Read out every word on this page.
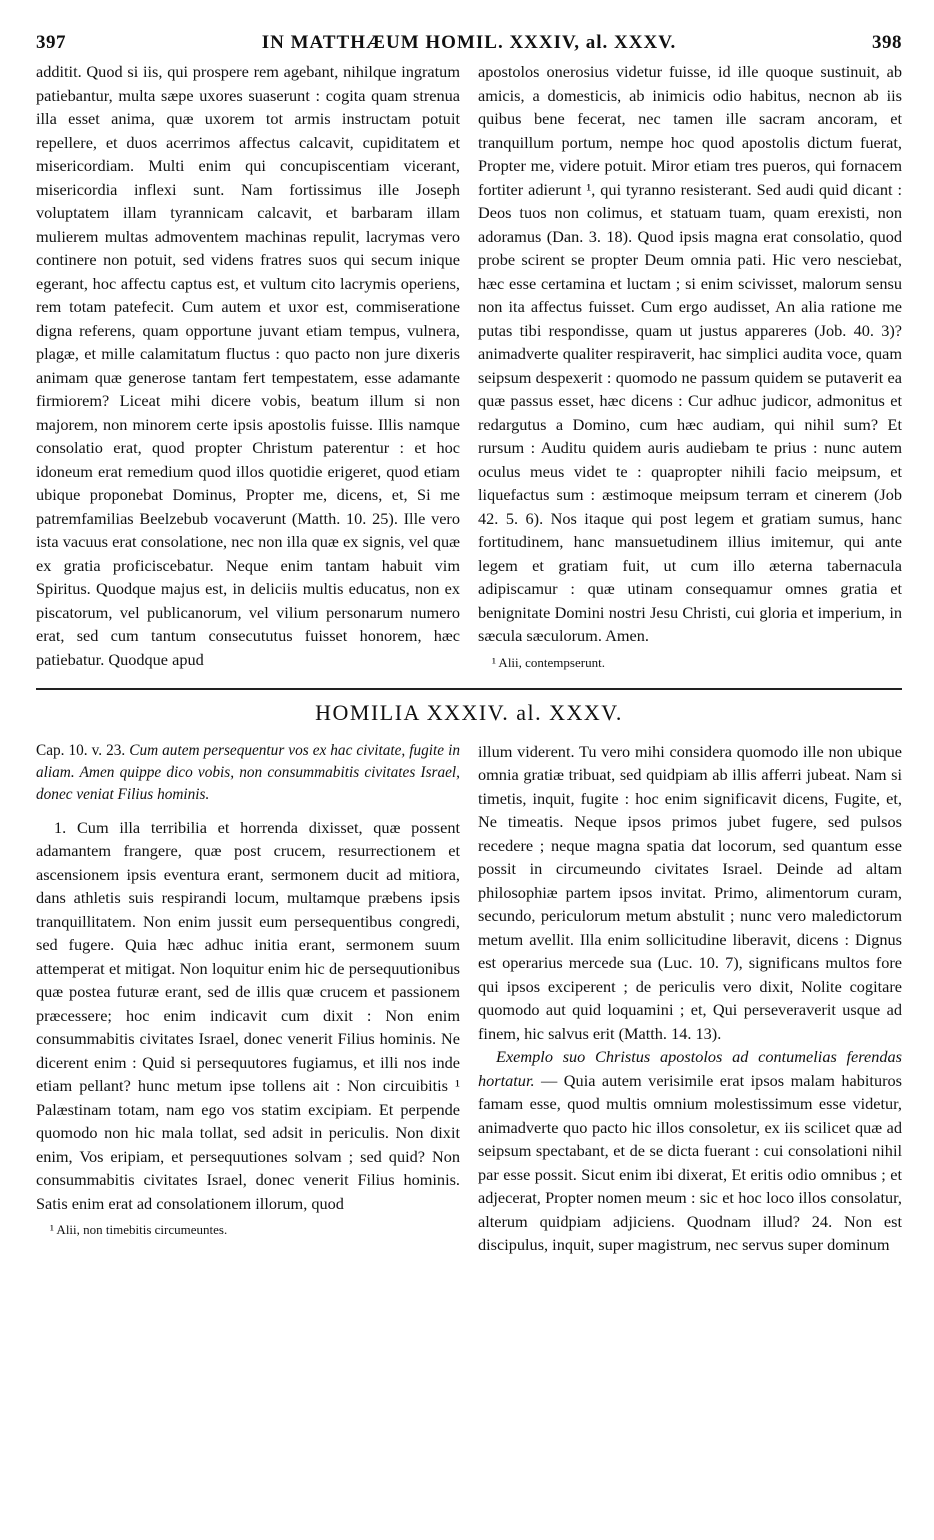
397	IN MATTHÆUM HOMIL. XXXIV, al. XXXV.	398

additit. Quod si iis, qui prospere rem agebant, nihilque ingratum patiebantur, multa sæpe uxores suaserunt : cogita quam strenua illa esset anima, quæ uxorem tot armis instructam potuit repellere, et duos acerrimos affectus calcavit, cupiditatem et misericordiam. Multi enim qui concupiscentiam vicerant, misericordia inflexi sunt. Nam fortissimus ille Joseph voluptatem illam tyrannicam calcavit, et barbaram illam mulierem multas admoventem machinas repulit, lacrymas vero continere non potuit, sed videns fratres suos qui secum inique egerant, hoc affectu captus est, et vultum cito lacrymis operiens, rem totam patefecit. Cum autem et uxor est, commiseratione digna referens, quam opportune juvant etiam tempus, vulnera, plagæ, et mille calamitatum fluctus : quo pacto non jure dixeris animam quæ generose tantam fert tempestatem, esse adamante firmiorem? Liceat mihi dicere vobis, beatum illum si non majorem, non minorem certe ipsis apostolis fuisse. Illis namque consolatio erat, quod propter Christum paterentur : et hoc idoneum erat remedium quod illos quotidie erigeret, quod etiam ubique proponebat Dominus, Propter me, dicens, et, Si me patremfamilias Beelzebub vocaverunt (Matth. 10. 25). Ille vero ista vacuus erat consolatione, nec non illa quæ ex signis, vel quæ ex gratia proficiscebatur. Neque enim tantam habuit vim Spiritus. Quodque majus est, in deliciis multis educatus, non ex piscatorum, vel publicanorum, vel vilium personarum numero erat, sed cum tantum consecututus fuisset honorem, hæc patiebatur. Quodque apud

apostolos onerosius videtur fuisse, id ille quoque sustinuit, ab amicis, a domesticis, ab inimicis odio habitus, necnon ab iis quibus bene fecerat, nec tamen ille sacram ancoram, et tranquillum portum, nempe hoc quod apostolis dictum fuerat, Propter me, videre potuit. Miror etiam tres pueros, qui fornacem fortiter adierunt ¹, qui tyranno resisterant. Sed audi quid dicant : Deos tuos non colimus, et statuam tuam, quam erexisti, non adoramus (Dan. 3. 18). Quod ipsis magna erat consolatio, quod probe scirent se propter Deum omnia pati. Hic vero nesciebat, hæc esse certamina et luctam ; si enim scivisset, malorum sensu non ita affectus fuisset. Cum ergo audisset, An alia ratione me putas tibi respondisse, quam ut justus appareres (Job. 40. 3)? animadverte qualiter respiraverit, hac simplici audita voce, quam seipsum despexerit : quomodo ne passum quidem se putaverit ea quæ passus esset, hæc dicens : Cur adhuc judicor, admonitus et redargutus a Domino, cum hæc audiam, qui nihil sum? Et rursum : Auditu quidem auris audiebam te prius : nunc autem oculus meus videt te : quapropter nihili facio meipsum, et liquefactus sum : æstimoque meipsum terram et cinerem (Job 42. 5. 6). Nos itaque qui post legem et gratiam sumus, hanc fortitudinem, hanc mansuetudinem illius imitemur, qui ante legem et gratiam fuit, ut cum illo æterna tabernacula adipiscamur : quæ utinam consequamur omnes gratia et benignitate Domini nostri Jesu Christi, cui gloria et imperium, in sæcula sæculorum. Amen.

¹ Alii, contempserunt.
HOMILIA XXXIV. al. XXXV.

Cap. 10. v. 23. Cum autem persequentur vos ex hac civitate, fugite in aliam. Amen quippe dico vobis, non consummabitis civitates Israel, donec veniat Filius hominis.

1. Cum illa terribilia et horrenda dixisset, quæ possent adamantem frangere, quæ post crucem, resurrectionem et ascensionem ipsis eventura erant, sermonem ducit ad mitiora, dans athletis suis respirandi locum, multamque præbens ipsis tranquillitatem. Non enim jussit eum persequentibus congredi, sed fugere. Quia hæc adhuc initia erant, sermonem suum attemperat et mitigat. Non loquitur enim hic de persequutionibus quæ postea futuræ erant, sed de illis quæ crucem et passionem præcessere; hoc enim indicavit cum dixit : Non enim consummabitis civitates Israel, donec venerit Filius hominis. Ne dicerent enim : Quid si persequutores fugiamus, et illi nos inde etiam pellant? hunc metum ipse tollens ait : Non circuibitis ¹ Palæstinam totam, nam ego vos statim excipiam. Et perpende quomodo non hic mala tollat, sed adsit in periculis. Non dixit enim, Vos eripiam, et persequutiones solvam ; sed quid? Non consummabitis civitates Israel, donec venerit Filius hominis. Satis enim erat ad consolationem illorum, quod

¹ Alii, non timebitis circumeuntes.

illum viderent. Tu vero mihi considera quomodo ille non ubique omnia gratiæ tribuat, sed quidpiam ab illis afferri jubeat. Nam si timetis, inquit, fugite : hoc enim significavit dicens, Fugite, et, Ne timeatis. Neque ipsos primos jubet fugere, sed pulsos recedere ; neque magna spatia dat locorum, sed quantum esse possit in circumeundo civitates Israel. Deinde ad altam philosophiæ partem ipsos invitat. Primo, alimentorum curam, secundo, periculorum metum abstulit ; nunc vero maledictorum metum avellit. Illa enim sollicitudine liberavit, dicens : Dignus est operarius mercede sua (Luc. 10. 7), significans multos fore qui ipsos exciperent ; de periculis vero dixit, Nolite cogitare quomodo aut quid loquamini ; et, Qui perseveraverit usque ad finem, hic salvus erit (Matth. 14. 13).

Exemplo suo Christus apostolos ad contumelias ferendas hortatur. — Quia autem verisimile erat ipsos malam habituros famam esse, quod multis omnium molestissimum esse videtur, animadverte quo pacto hic illos consoletur, ex iis scilicet quæ ad seipsum spectabant, et de se dicta fuerant : cui consolationi nihil par esse possit. Sicut enim ibi dixerat, Et eritis odio omnibus ; et adjecerat, Propter nomen meum : sic et hoc loco illos consolatur, alterum quidpiam adjiciens. Quodnam illud? 24. Non est discipulus, inquit, super magistrum, nec servus super dominum
